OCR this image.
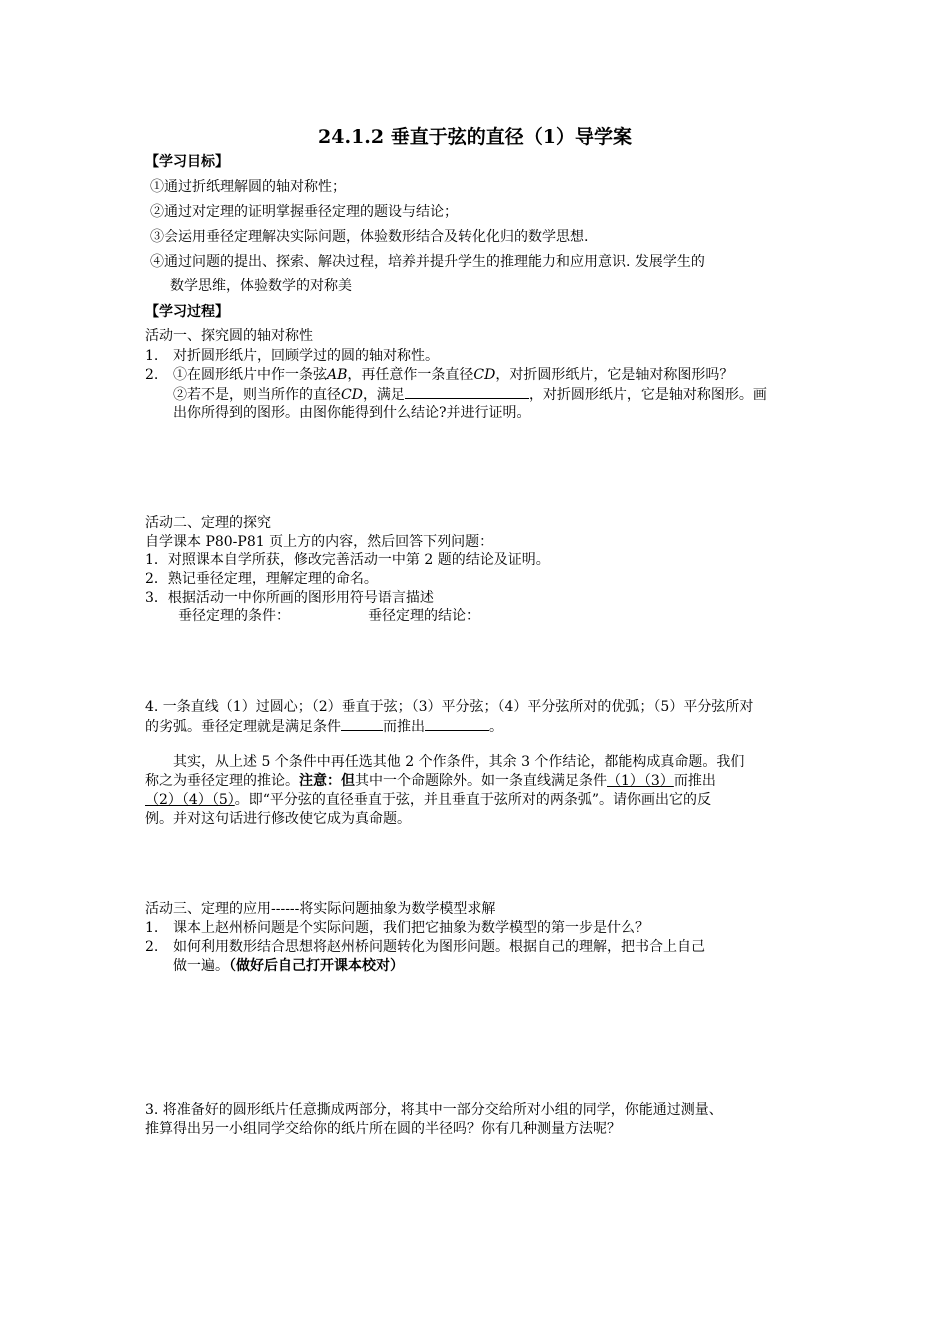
24.1.2 垂直于弦的直径（1）导学案
【学习目标】
①通过折纸理解圆的轴对称性；
②通过对定理的证明掌握垂径定理的题设与结论；
③会运用垂径定理解决实际问题，体验数形结合及转化化归的数学思想.
④通过问题的提出、探索、解决过程，培养并提升学生的推理能力和应用意识. 发展学生的
数学思维，体验数学的对称美
【学习过程】
活动一、探究圆的轴对称性
1. 对折圆形纸片，回顾学过的圆的轴对称性。
2. ①在圆形纸片中作一条弦AB，再任意作一条直径CD，对折圆形纸片，它是轴对称图形吗？
②若不是，则当所作的直径CD，满足	，对折圆形纸片，它是轴对称图形。画
出你所得到的图形。由图你能得到什么结论?并进行证明。
活动二、定理的探究
自学课本 P80-P81 页上方的内容，然后回答下列问题：
1．对照课本自学所获，修改完善活动一中第 2 题的结论及证明。
2．熟记垂径定理，理解定理的命名。
3．根据活动一中你所画的图形用符号语言描述
垂径定理的条件：	垂径定理的结论：
4. 一条直线（1）过圆心；（2）垂直于弦；（3）平分弦；（4）平分弦所对的优弧；（5）平分弦所对
的劣弧。垂径定理就是满足条件	而推出	。
其实，从上述 5 个条件中再任选其他 2 个作条件，其余 3 个作结论，都能构成真命题。我们
称之为垂径定理的推论。注意：但其中一个命题除外。如一条直线满足条件（1）（3）而推出
（2）（4）（5）。即“平分弦的直径垂直于弦，并且垂直于弦所对的两条弧”。请你画出它的反
例。并对这句话进行修改使它成为真命题。
活动三、定理的应用------将实际问题抽象为数学模型求解
1. 课本上赵州桥问题是个实际问题，我们把它抽象为数学模型的第一步是什么？
2. 如何利用数形结合思想将赵州桥问题转化为图形问题。根据自己的理解，把书合上自己
做一遍。（做好后自己打开课本校对）
3. 将准备好的圆形纸片任意撕成两部分，将其中一部分交给所对小组的同学，你能通过测量、
推算得出另一小组同学交给你的纸片所在圆的半径吗？你有几种测量方法呢？
